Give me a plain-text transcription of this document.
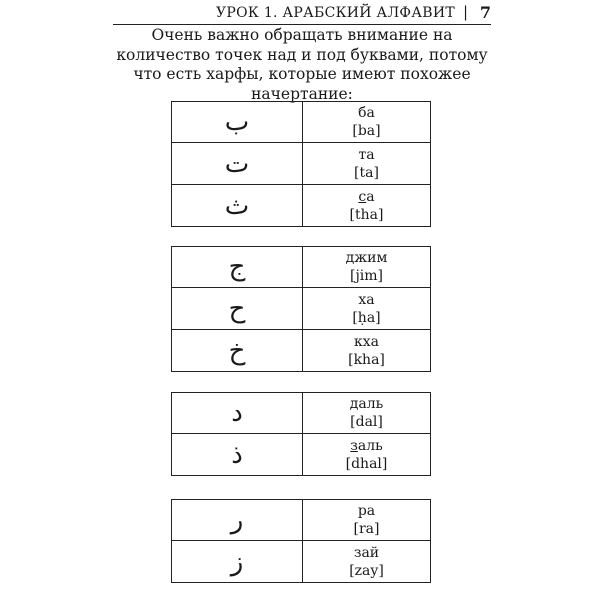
УРОК 1. АРАБСКИЙ АЛФАВИТ | 7
Очень важно обращать внимание на количество точек над и под буквами, потому что есть харфы, которые имеют похожее начертание:
ب	ба
[ba]
ت	та
[ta]
ث	са
[tha]
ج	джим
[jim]
ح	ха
[ḥa]
خ	кха
[kha]
د	даль
[dal]
ذ	заль
[dhal]
ر	ра
[ra]
ز	зай
[zay]
